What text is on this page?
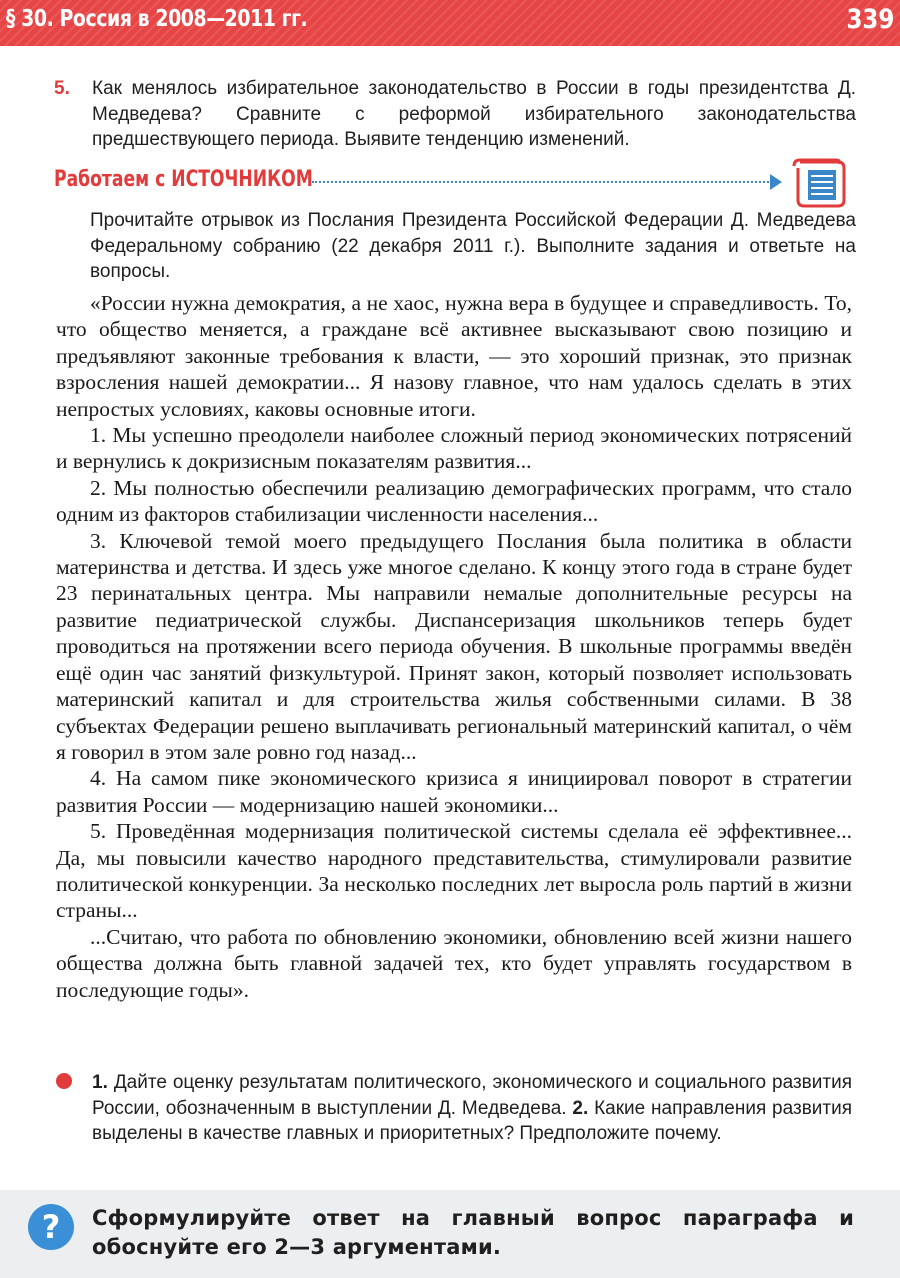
§ 30. Россия в 2008—2011 гг.	339
5. Как менялось избирательное законодательство в России в годы президентства Д. Медведева? Сравните с реформой избирательного законодательства предшествующего периода. Выявите тенденцию изменений.
Работаем с ИСТОЧНИКОМ
Прочитайте отрывок из Послания Президента Российской Федерации Д. Медведева Федеральному собранию (22 декабря 2011 г.). Выполните задания и ответьте на вопросы.

«России нужна демократия, а не хаос, нужна вера в будущее и справедливость. То, что общество меняется, а граждане всё активнее высказывают свою позицию и предъявляют законные требования к власти, — это хороший признак, это признак взросления нашей демократии... Я назову главное, что нам удалось сделать в этих непростых условиях, каковы основные итоги.

1. Мы успешно преодолели наиболее сложный период экономических потрясений и вернулись к докризисным показателям развития...

2. Мы полностью обеспечили реализацию демографических программ, что стало одним из факторов стабилизации численности населения...

3. Ключевой темой моего предыдущего Послания была политика в области материнства и детства. И здесь уже многое сделано. К концу этого года в стране будет 23 перинатальных центра. Мы направили немалые дополнительные ресурсы на развитие педиатрической службы. Диспансеризация школьников теперь будет проводиться на протяжении всего периода обучения. В школьные программы введён ещё один час занятий физкультурой. Принят закон, который позволяет использовать материнский капитал и для строительства жилья собственными силами. В 38 субъектах Федерации решено выплачивать региональный материнский капитал, о чём я говорил в этом зале ровно год назад...

4. На самом пике экономического кризиса я инициировал поворот в стратегии развития России — модернизацию нашей экономики...

5. Проведённая модернизация политической системы сделала её эффективнее... Да, мы повысили качество народного представительства, стимулировали развитие политической конкуренции. За несколько последних лет выросла роль партий в жизни страны...

...Считаю, что работа по обновлению экономики, обновлению всей жизни нашего общества должна быть главной задачей тех, кто будет управлять государством в последующие годы».

1. Дайте оценку результатам политического, экономического и социального развития России, обозначенным в выступлении Д. Медведева. 2. Какие направления развития выделены в качестве главных и приоритетных? Предположите почему.
?	Сформулируйте ответ на главный вопрос параграфа и обоснуйте его 2—3 аргументами.
